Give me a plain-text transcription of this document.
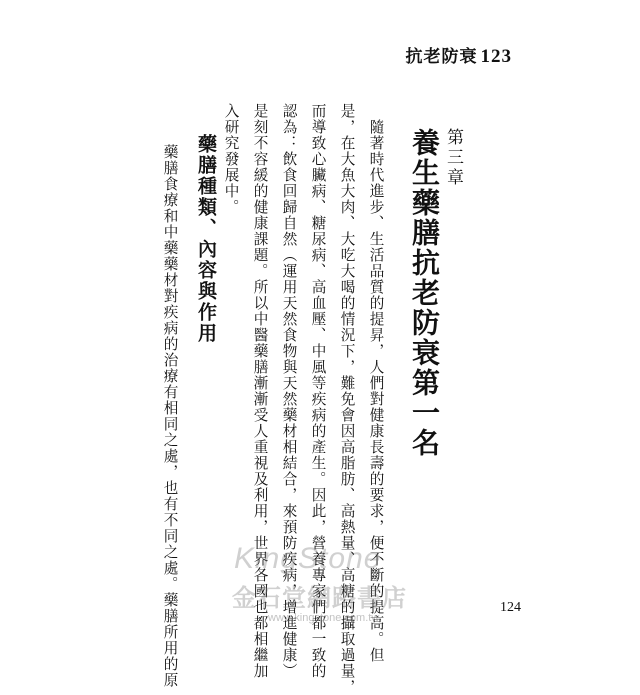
抗老防衰 123
第三章
養生藥膳抗老防衰第一名
　隨著時代進步、生活品質的提昇，人們對健康長壽的要求，便不斷的提高。但
是，在大魚大肉、大吃大喝的情況下，難免會因高脂肪、高熱量、高糖的攝取過量，
而導致心臟病、糖尿病、高血壓、中風等疾病的產生。因此，營養專家們都一致的
認為：飲食回歸自然（運用天然食物與天然藥材相結合，來預防疾病，增進健康）
是刻不容緩的健康課題。所以中醫藥膳漸漸受人重視及利用，世界各國也都相繼加
入研究發展中。
藥膳種類、內容與作用
　藥膳食療和中藥藥材對疾病的治療有相同之處，也有不同之處。藥膳所用的原	124
KingStone
金石堂網路書店
www.kingstone.com.tw
